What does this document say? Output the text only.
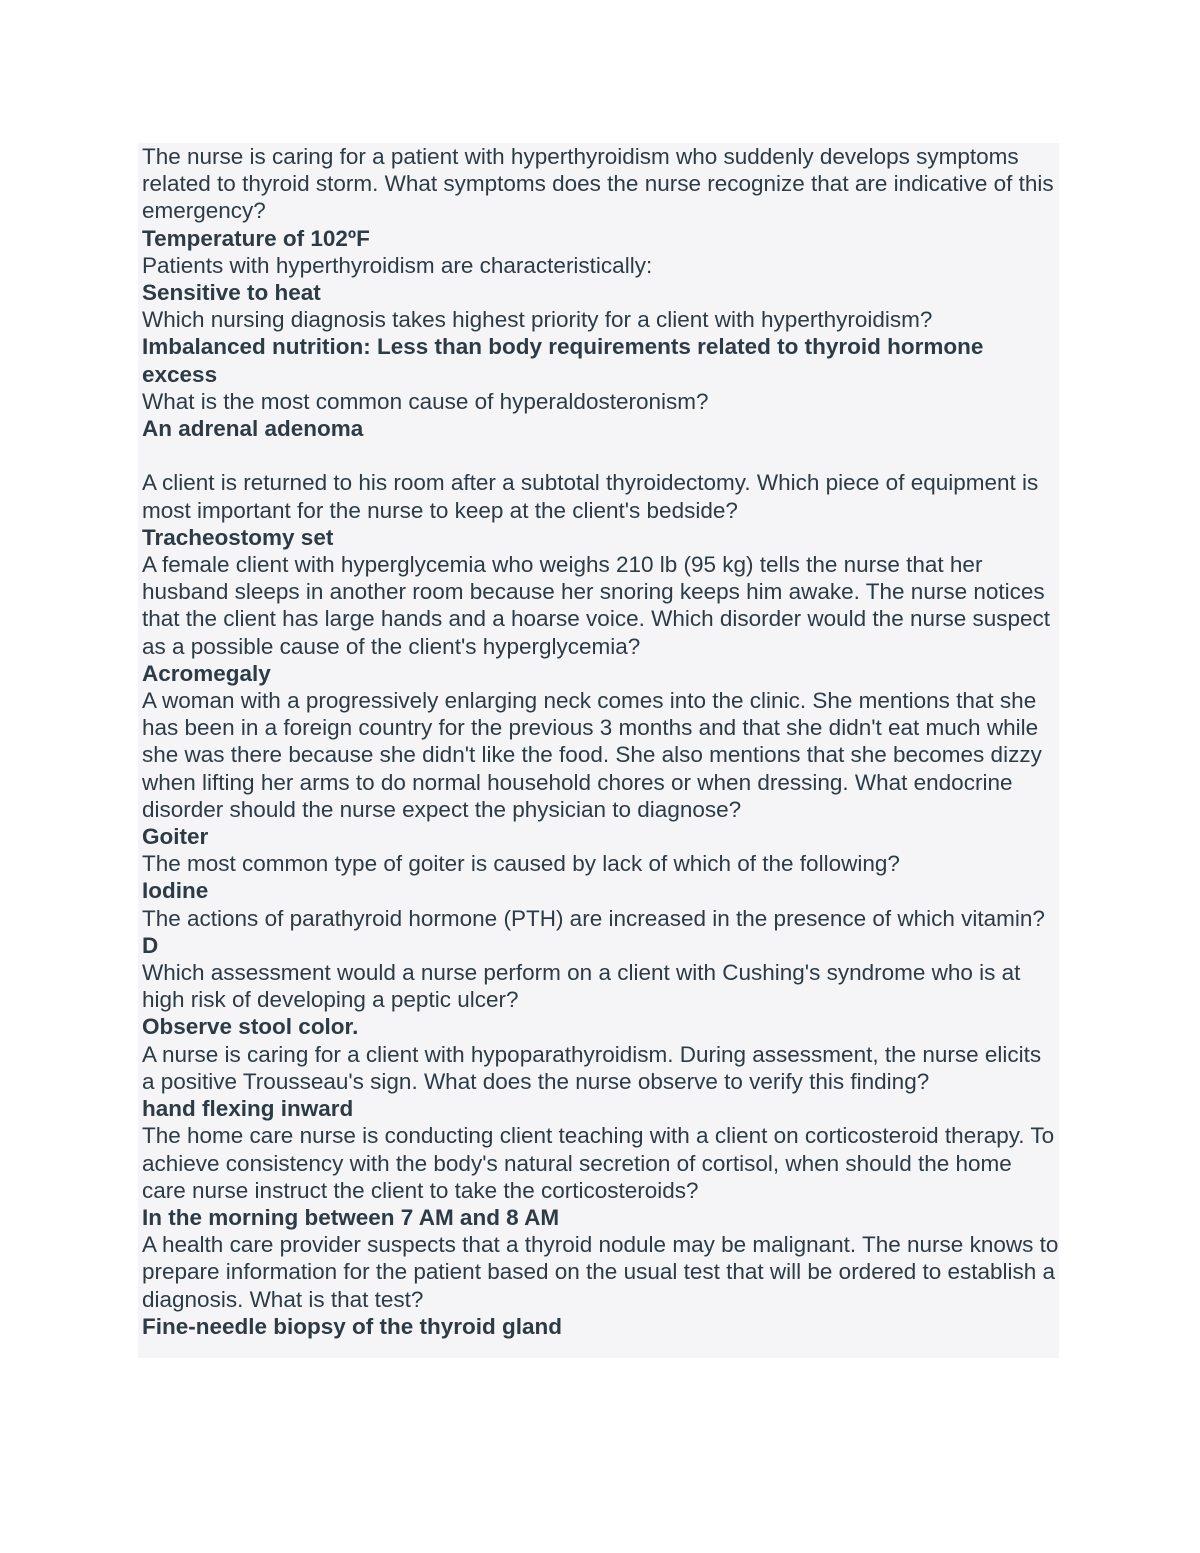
The nurse is caring for a patient with hyperthyroidism who suddenly develops symptoms related to thyroid storm. What symptoms does the nurse recognize that are indicative of this emergency?

Temperature of 102ºF

Patients with hyperthyroidism are characteristically:

Sensitive to heat

Which nursing diagnosis takes highest priority for a client with hyperthyroidism?

Imbalanced nutrition: Less than body requirements related to thyroid hormone excess

What is the most common cause of hyperaldosteronism?

An adrenal adenoma

A client is returned to his room after a subtotal thyroidectomy. Which piece of equipment is most important for the nurse to keep at the client's bedside?

Tracheostomy set

A female client with hyperglycemia who weighs 210 lb (95 kg) tells the nurse that her husband sleeps in another room because her snoring keeps him awake. The nurse notices that the client has large hands and a hoarse voice. Which disorder would the nurse suspect as a possible cause of the client's hyperglycemia?

Acromegaly

A woman with a progressively enlarging neck comes into the clinic. She mentions that she has been in a foreign country for the previous 3 months and that she didn't eat much while she was there because she didn't like the food. She also mentions that she becomes dizzy when lifting her arms to do normal household chores or when dressing. What endocrine disorder should the nurse expect the physician to diagnose?

Goiter

The most common type of goiter is caused by lack of which of the following?

Iodine

The actions of parathyroid hormone (PTH) are increased in the presence of which vitamin?

D

Which assessment would a nurse perform on a client with Cushing's syndrome who is at high risk of developing a peptic ulcer?

Observe stool color.

A nurse is caring for a client with hypoparathyroidism. During assessment, the nurse elicits a positive Trousseau's sign. What does the nurse observe to verify this finding?

hand flexing inward

The home care nurse is conducting client teaching with a client on corticosteroid therapy. To achieve consistency with the body's natural secretion of cortisol, when should the home care nurse instruct the client to take the corticosteroids?

In the morning between 7 AM and 8 AM

A health care provider suspects that a thyroid nodule may be malignant. The nurse knows to prepare information for the patient based on the usual test that will be ordered to establish a diagnosis. What is that test?

Fine-needle biopsy of the thyroid gland
